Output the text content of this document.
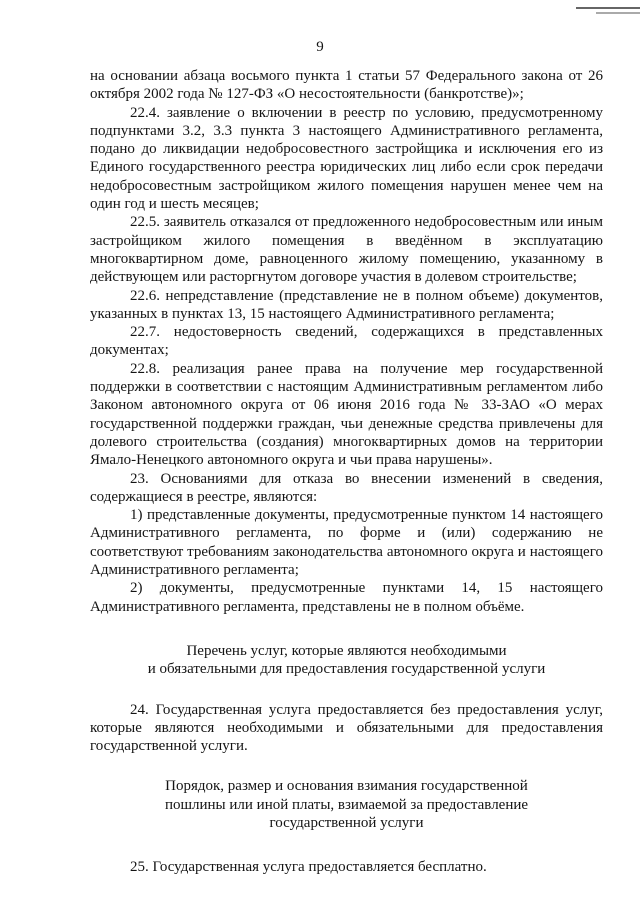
9

на основании абзаца восьмого пункта 1 статьи 57 Федерального закона от 26 октября 2002 года № 127-ФЗ «О несостоятельности (банкротстве)»;

22.4. заявление о включении в реестр по условию, предусмотренному подпунктами 3.2, 3.3 пункта 3 настоящего Административного регламента, подано до ликвидации недобросовестного застройщика и исключения его из Единого государственного реестра юридических лиц либо если срок передачи недобросовестным застройщиком жилого помещения нарушен менее чем на один год и шесть месяцев;

22.5. заявитель отказался от предложенного недобросовестным или иным застройщиком жилого помещения в введённом в эксплуатацию многоквартирном доме, равноценного жилому помещению, указанному в действующем или расторгнутом договоре участия в долевом строительстве;

22.6. непредставление (представление не в полном объеме) документов, указанных в пунктах 13, 15 настоящего Административного регламента;

22.7. недостоверность сведений, содержащихся в представленных документах;

22.8. реализация ранее права на получение мер государственной поддержки в соответствии с настоящим Административным регламентом либо Законом автономного округа от 06 июня 2016 года № 33-ЗАО «О мерах государственной поддержки граждан, чьи денежные средства привлечены для долевого строительства (создания) многоквартирных домов на территории Ямало-Ненецкого автономного округа и чьи права нарушены».

23. Основаниями для отказа во внесении изменений в сведения, содержащиеся в реестре, являются:

1) представленные документы, предусмотренные пунктом 14 настоящего Административного регламента, по форме и (или) содержанию не соответствуют требованиям законодательства автономного округа и настоящего Административного регламента;

2) документы, предусмотренные пунктами 14, 15 настоящего Административного регламента, представлены не в полном объёме.

Перечень услуг, которые являются необходимыми

и обязательными для предоставления государственной услуги

24. Государственная услуга предоставляется без предоставления услуг, которые являются необходимыми и обязательными для предоставления государственной услуги.

Порядок, размер и основания взимания государственной

пошлины или иной платы, взимаемой за предоставление

государственной услуги

25. Государственная услуга предоставляется бесплатно.
